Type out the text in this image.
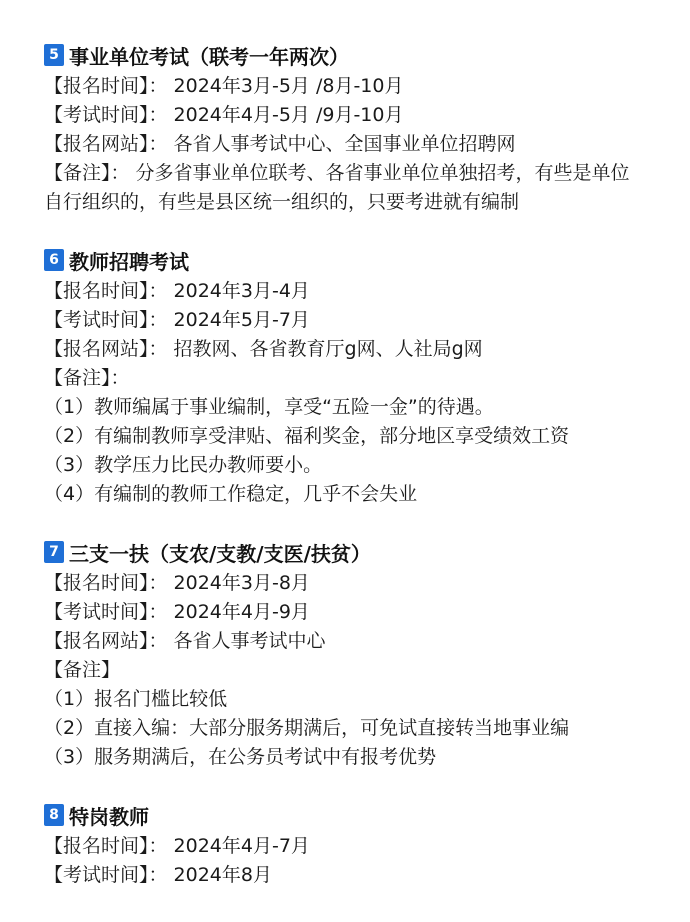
5 事业单位考试（联考一年两次）
【报名时间】： 2024年3月-5月 /8月-10月
【考试时间】： 2024年4月-5月 /9月-10月
【报名网站】： 各省人事考试中心、全国事业单位招聘网
【备注】： 分多省事业单位联考、各省事业单位单独招考，有些是单位自行组织的，有些是县区统一组织的，只要考进就有编制
6 教师招聘考试
【报名时间】： 2024年3月-4月
【考试时间】： 2024年5月-7月
【报名网站】： 招教网、各省教育厅g网、人社局g网
【备注】：
（1）教师编属于事业编制，享受“五险一金”的待遇。
（2）有编制教师享受津贴、福利奖金，部分地区享受绩效工资
（3）教学压力比民办教师要小。
（4）有编制的教师工作稳定，几乎不会失业
7 三支一扶（支农/支教/支医/扶贫）
【报名时间】： 2024年3月-8月
【考试时间】： 2024年4月-9月
【报名网站】： 各省人事考试中心
【备注】
（1）报名门槛比较低
（2）直接入编：大部分服务期满后，可免试直接转当地事业编
（3）服务期满后，在公务员考试中有报考优势
8 特岗教师
【报名时间】： 2024年4月-7月
【考试时间】： 2024年8月
